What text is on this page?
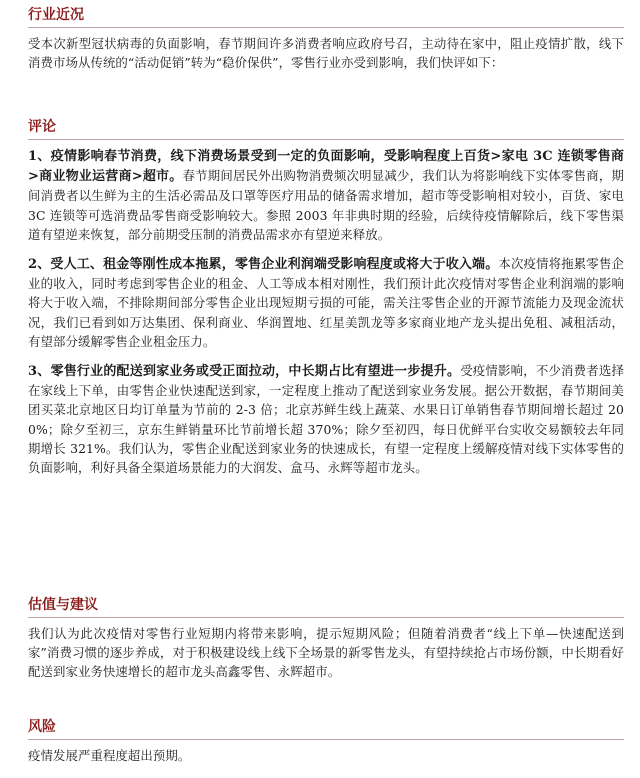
行业近况

受本次新型冠状病毒的负面影响，春节期间许多消费者响应政府号召，主动待在家中，阻止疫情扩散，线下消费市场从传统的“活动促销”转为“稳价保供”，零售行业亦受到影响，我们快评如下：

评论

1、疫情影响春节消费，线下消费场景受到一定的负面影响，受影响程度上百货>家电 3C 连锁零售商>商业物业运营商>超市。春节期间居民外出购物消费频次明显减少，我们认为将影响线下实体零售商，期间消费者以生鲜为主的生活必需品及口罩等医疗用品的储备需求增加，超市等受影响相对较小，百货、家电 3C 连锁等可选消费品零售商受影响较大。参照 2003 年非典时期的经验，后续待疫情解除后，线下零售渠道有望逆来恢复，部分前期受压制的消费品需求亦有望逆来释放。

2、受人工、租金等刚性成本拖累，零售企业利润端受影响程度或将大于收入端。本次疫情将拖累零售企业的收入，同时考虑到零售企业的租金、人工等成本相对刚性，我们预计此次疫情对零售企业利润端的影响将大于收入端，不排除期间部分零售企业出现短期亏损的可能，需关注零售企业的开源节流能力及现金流状况，我们已看到如万达集团、保利商业、华润置地、红星美凯龙等多家商业地产龙头提出免租、减租活动，有望部分缓解零售企业租金压力。

3、零售行业的配送到家业务或受正面拉动，中长期占比有望进一步提升。受疫情影响，不少消费者选择在家线上下单，由零售企业快速配送到家，一定程度上推动了配送到家业务发展。据公开数据，春节期间美团买菜北京地区日均订单量为节前的 2-3 倍；北京苏鲜生线上蔬菜、水果日订单销售春节期间增长超过 200%；除夕至初三，京东生鲜销量环比节前增长超 370%；除夕至初四，每日优鲜平台实收交易额较去年同期增长 321%。我们认为，零售企业配送到家业务的快速成长，有望一定程度上缓解疫情对线下实体零售的负面影响，利好具备全渠道场景能力的大润发、盒马、永辉等超市龙头。

估值与建议

我们认为此次疫情对零售行业短期内将带来影响，提示短期风险；但随着消费者“线上下单—快速配送到家”消费习惯的逐步养成，对于积极建设线上线下全场景的新零售龙头，有望持续抢占市场份额，中长期看好配送到家业务快速增长的超市龙头高鑫零售、永辉超市。

风险

疫情发展严重程度超出预期。
